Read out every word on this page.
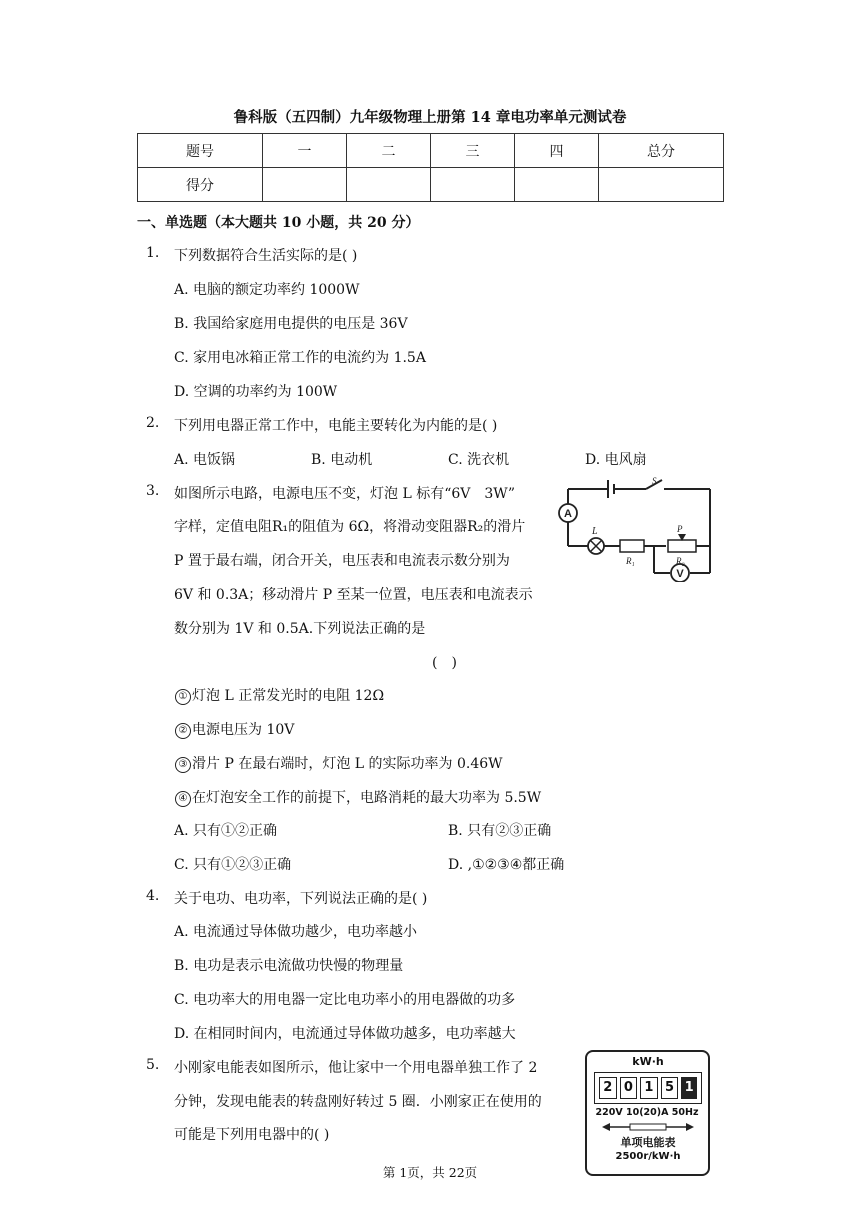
鲁科版（五四制）九年级物理上册第 14 章电功率单元测试卷
题号	一	二	三	四	总分
得分					
一、单选题（本大题共 10 小题，共 20 分）
1. 下列数据符合生活实际的是( )
A. 电脑的额定功率约 1000W
B. 我国给家庭用电提供的电压是 36V
C. 家用电冰箱正常工作的电流约为 1.5A
D. 空调的功率约为 100W
2. 下列用电器正常工作中，电能主要转化为内能的是( )
A. 电饭锅	B. 电动机	C. 洗衣机	D. 电风扇
3. 如图所示电路，电源电压不变，灯泡 L 标有“6V　3W”
字样，定值电阻R₁的阻值为 6Ω，将滑动变阻器R₂的滑片
P 置于最右端，闭合开关，电压表和电流表示数分别为
6V 和 0.3A；移动滑片 P 至某一位置，电压表和电流表示
数分别为 1V 和 0.5A.下列说法正确的是
(　)
① 灯泡 L 正常发光时的电阻 12Ω
② 电源电压为 10V
③ 滑片 P 在最右端时，灯泡 L 的实际功率为 0.46W
④ 在灯泡安全工作的前提下，电路消耗的最大功率为 5.5W
A. 只有①②正确	B. 只有②③正确
C. 只有①②③正确	D. ,①②③④都正确
A
V
L
R₁	R₂
P
S
4. 关于电功、电功率，下列说法正确的是( )
A. 电流通过导体做功越少，电功率越小
B. 电功是表示电流做功快慢的物理量
C. 电功率大的用电器一定比电功率小的用电器做的功多
D. 在相同时间内，电流通过导体做功越多，电功率越大
5. 小刚家电能表如图所示，他让家中一个用电器单独工作了 2
分钟，发现电能表的转盘刚好转过 5 圈．小刚家正在使用的
可能是下列用电器中的( )
kW·h
2 0 1 5 1
220V 10(20)A 50Hz
单项电能表
2500r/kW·h
第 1页，共 22页
